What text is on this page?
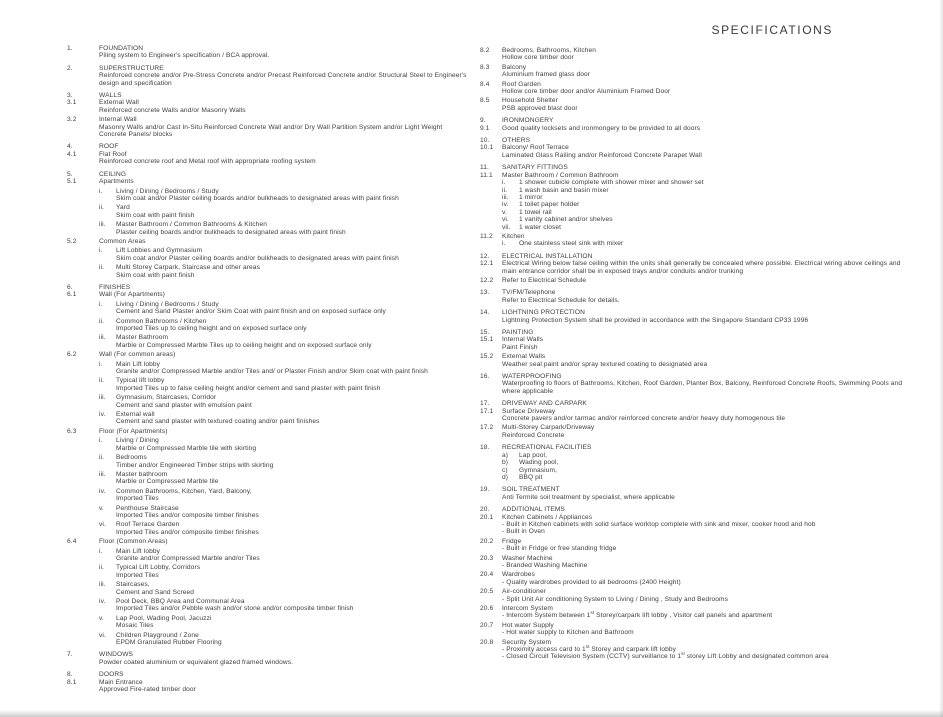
SPECIFICATIONS
1.	FOUNDATION
Piling system to Engineer's specification / BCA approval.
2.	SUPERSTRUCTURE
Reinforced concrete and/or Pre-Stress Concrete and/or Precast Reinforced Concrete and/or Structural Steel to Engineer's design and specification
3.	WALLS
3.1	External Wall
Reinforced concrete Walls and/or Masonry Walls
3.2	Internal Wall
Masonry Walls and/or Cast In-Situ Reinforced Concrete Wall and/or Dry Wall Partition System and/or Light Weight Concrete Panels/ blocks
4.	ROOF
4.1	Flat Roof
Reinforced concrete roof and Metal roof with appropriate roofing system
5.	CEILING
5.1	Apartments
i.	Living / Dining / Bedrooms / Study
Skim coat and/or Plaster ceiling boards and/or bulkheads to designated areas with paint finish
ii.	Yard
Skim coat with paint finish
iii.	Master Bathroom / Common Bathrooms & Kitchen
Plaster ceiling boards and/or bulkheads to designated areas with paint finish
5.2	Common Areas
i.	Lift Lobbies and Gymnasium
Skim coat and/or Plaster ceiling boards and/or bulkheads to designated areas with paint finish
ii.	Multi Storey Carpark, Staircase and other areas
Skim coat with paint finish
6.	FINISHES
6.1	Wall (For Apartments)
i.	Living / Dining / Bedrooms / Study
Cement and Sand Plaster and/or Skim Coat with paint finish and on exposed surface only
ii.	Common Bathrooms / Kitchen
Imported Tiles up to ceiling height and on exposed surface only
iii.	Master Bathroom
Marble or Compressed Marble Tiles up to ceiling height and on exposed surface only
6.2	Wall (For common areas)
i.	Main Lift lobby
Granite and/or Compressed Marble and/or Tiles and/ or Plaster Finish and/or Skim coat with paint finish
ii.	Typical lift lobby
Imported Tiles up to false ceiling height and/or cement and sand plaster with paint finish
iii.	Gymnasium, Staircases, Corridor
Cement and sand plaster with emulsion paint
iv.	External wall
Cement and sand plaster with textured coating and/or paint finishes
6.3	Floor (For Apartments)
i.	Living / Dining
Marble or Compressed Marble tile with skirting
ii.	Bedrooms
Timber and/or Engineered Timber strips with skirting
iii.	Master bathroom
Marble or Compressed Marble tile
iv.	Common Bathrooms, Kitchen, Yard, Balcony,
Imported Tiles
v.	Penthouse Staircase
Imported Tiles and/or composite timber finishes
vi.	Roof Terrace Garden
Imported Tiles and/or composite timber finishes
6.4	Floor (Common Areas)
i.	Main Lift lobby
Granite and/or Compressed Marble and/or Tiles
ii.	Typical Lift Lobby, Corridors
Imported Tiles
iii.	Staircases,
Cement and Sand Screed
iv.	Pool Deck, BBQ Area and Communal Area
Imported Tiles and/or Pebble wash and/or stone and/or composite timber finish
v.	Lap Pool, Wading Pool, Jacuzzi
Mosaic Tiles
vi.	Children Playground / Zone
EPDM Granulated Rubber Flooring
7.	WINDOWS
Powder coated aluminium or equivalent glazed framed windows.
8.	DOORS
8.1	Main Entrance
Approved Fire-rated timber door
8.2	Bedrooms, Bathrooms, Kitchen
Hollow core timber door
8.3	Balcony
Aluminium framed glass door
8.4	Roof Garden
Hollow core timber door and/or Aluminium Framed Door
8.5	Household Shelter
PSB approved blast door
9.	IRONMONGERY
9.1	Good quality locksets and ironmongery to be provided to all doors
10.	OTHERS
10.1	Balcony/ Roof Terrace
Laminated Glass Railing and/or Reinforced Concrete Parapet Wall
11.	SANITARY FITTINGS
11.1	Master Bathroom / Common Bathroom
i.	1 shower cubicle complete with shower mixer and shower set
ii.	1 wash basin and basin mixer
iii.	1 mirror
iv.	1 toilet paper holder
v.	1 towel rail
vi.	1 vanity cabinet and/or shelves
vii.	1 water closet
11.2	Kitchen
i.	One stainless steel sink with mixer
12.	ELECTRICAL INSTALLATION
12.1	Electrical Wiring below false ceiling within the units shall generally be concealed where possible. Electrical wiring above ceilings and main entrance corridor shall be in exposed trays and/or conduits and/or trunking
12.2	Refer to Electrical Schedule
13.	TV/FM/Telephone
Refer to Electrical Schedule for details.
14.	LIGHTNING PROTECTION
Lightning Protection System shall be provided in accordance with the Singapore Standard CP33 1996
15.	PAINTING
15.1	Internal Walls
Paint Finish
15.2	External Walls
Weather seal paint and/or spray textured coating to designated area
16.	WATERPROOFING
Waterproofing to floors of Bathrooms, Kitchen, Roof Garden, Planter Box, Balcony, Reinforced Concrete Roofs, Swimming Pools and where applicable
17.	DRIVEWAY AND CARPARK
17.1	Surface Driveway
Concrete pavers and/or tarmac and/or reinforced concrete and/or heavy duty homogenous tile
17.2	Multi-Storey Carpark/Driveway
Reinforced Concrete
18.	RECREATIONAL FACILITIES
a)	Lap pool,
b)	Wading pool,
c)	Gymnasium,
d)	BBQ pit
19.	SOIL TREATMENT
Anti Termite soil treatment by specialist, where applicable
20.	ADDITIONAL ITEMS
20.1	Kitchen Cabinets / Appliances
- Built in Kitchen cabinets with solid surface worktop complete with sink and mixer, cooker hood and hob
- Built in Oven
20.2	Fridge
- Built in Fridge or free standing fridge
20.3	Washer Machine
- Branded Washing Machine
20.4	Wardrobes
- Quality wardrobes provided to all bedrooms (2400 Height)
20.5	Air-conditioner
- Split Unit Air conditioning System to Living / Dining , Study and Bedrooms
20.6	Intercom System
- Intercom System between 1st Storey/carpark lift lobby , Visitor call panels and apartment
20.7	Hot water Supply
- Hot water supply to Kitchen and Bathroom
20.8	Security System
- Proximity access card to 1st Storey and carpark lift lobby
- Closed Circuit Television System (CCTV) surveillance to 1st storey Lift Lobby and designated common area
